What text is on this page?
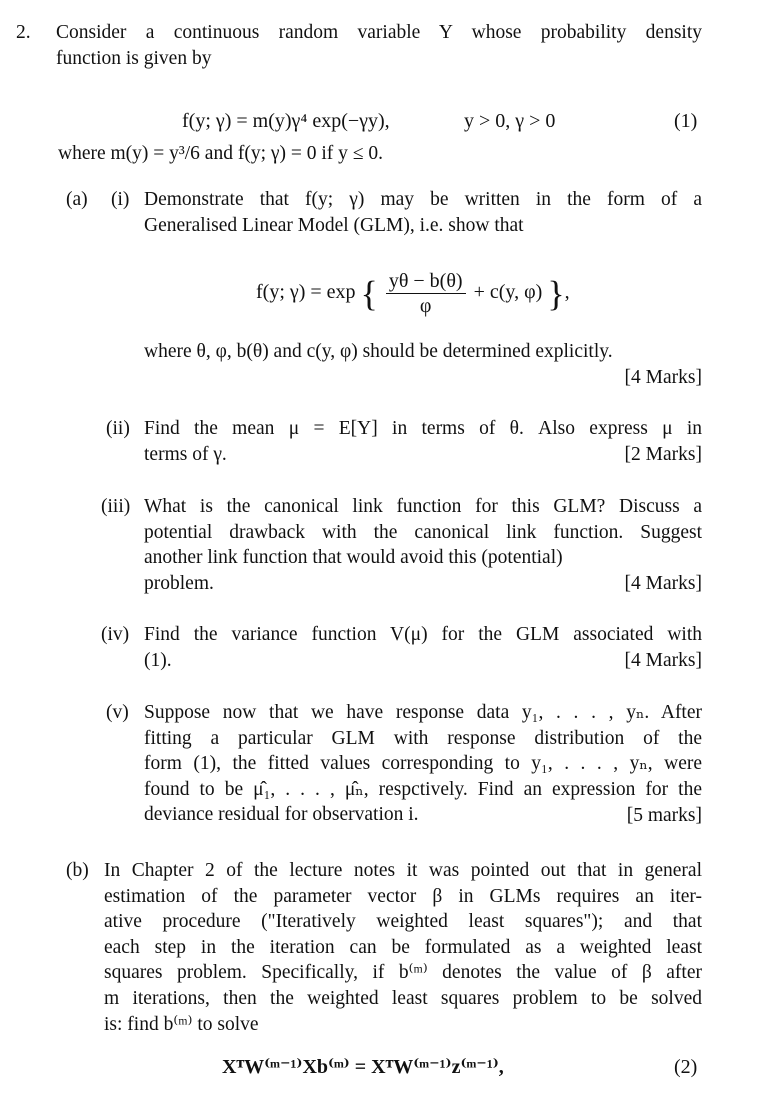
2. Consider a continuous random variable Y whose probability density
function is given by
f(y; γ) = m(y)γ⁴ exp(−γy),	y > 0, γ > 0	(1)
where m(y) = y³/6 and f(y; γ) = 0 if y ≤ 0.
(a) (i) Demonstrate that f(y; γ) may be written in the form of a
Generalised Linear Model (GLM), i.e. show that
f(y; γ) = exp { $\frac{y\theta - b(\theta)}{\varphi} + c(y$, φ) },
where θ, φ, b(θ) and c(y, φ) should be determined explicitly.
[4 Marks]
(ii) Find the mean μ = E[Y] in terms of θ. Also express μ in
terms of γ.	[2 Marks]
(iii) What is the canonical link function for this GLM? Discuss a
potential drawback with the canonical link function. Suggest
another link function that would avoid this (potential)
problem.	[4 Marks]
(iv) Find the variance function V(μ) for the GLM associated with
(1).	[4 Marks]
(v) Suppose now that we have response data y₁, . . . , yₙ. After
fitting a particular GLM with response distribution of the
form (1), the fitted values corresponding to y₁, . . . , yₙ, were
found to be μ̂₁, . . . , μ̂ₙ, respctively. Find an expression for the
deviance residual for observation i.	[5 marks]
(b) In Chapter 2 of the lecture notes it was pointed out that in general
estimation of the parameter vector β in GLMs requires an iter-
ative procedure ("Iteratively weighted least squares"); and that
each step in the iteration can be formulated as a weighted least
squares problem. Specifically, if b⁽ᵐ⁾ denotes the value of β after
m iterations, then the weighted least squares problem to be solved
is: find b⁽ᵐ⁾ to solve
XᵀW⁽ᵐ⁻¹⁾Xb⁽ᵐ⁾ = XᵀW⁽ᵐ⁻¹⁾z⁽ᵐ⁻¹⁾,	(2)
